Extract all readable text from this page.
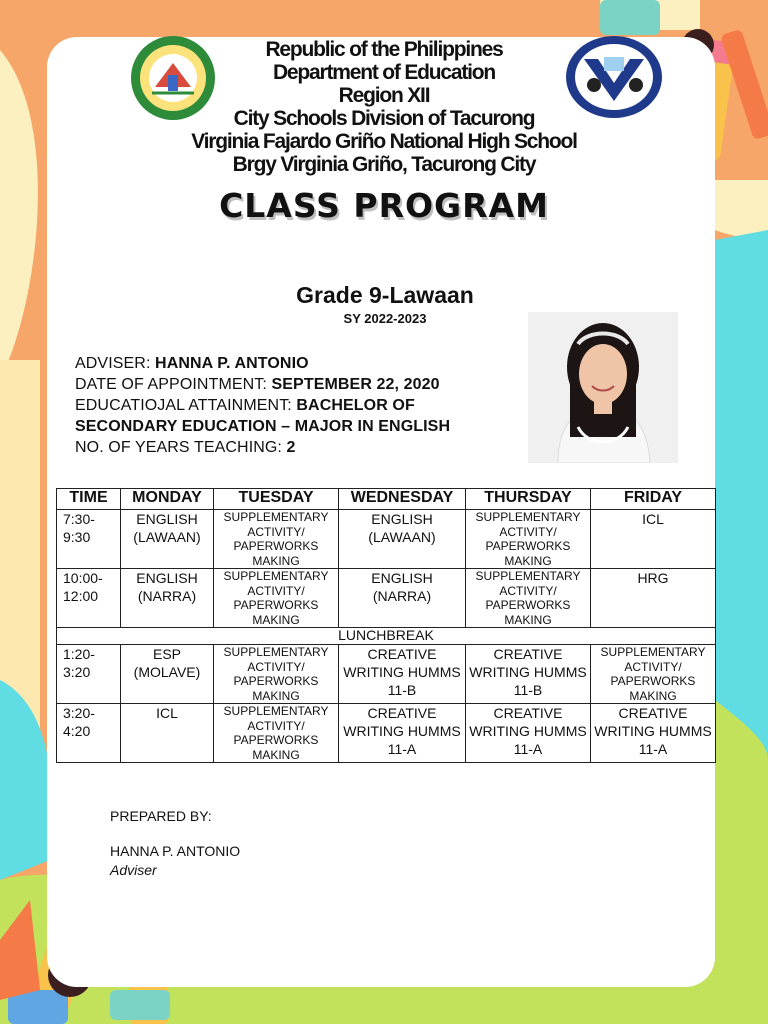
Republic of the Philippines
Department of Education
Region XII
City Schools Division of Tacurong
Virginia Fajardo Griño National High School
Brgy Virginia Griño, Tacurong City
CLASS PROGRAM
Grade 9-Lawaan
SY 2022-2023
ADVISER: HANNA P. ANTONIO
DATE OF APPOINTMENT: SEPTEMBER 22, 2020
EDUCATIOJAL ATTAINMENT: BACHELOR OF SECONDARY EDUCATION – MAJOR IN ENGLISH
NO. OF YEARS TEACHING: 2
TIME	MONDAY	TUESDAY	WEDNESDAY	THURSDAY	FRIDAY
7:30-9:30	ENGLISH (LAWAAN)	SUPPLEMENTARY ACTIVITY/ PAPERWORKS MAKING	ENGLISH (LAWAAN)	SUPPLEMENTARY ACTIVITY/ PAPERWORKS MAKING	ICL
10:00-12:00	ENGLISH (NARRA)	SUPPLEMENTARY ACTIVITY/ PAPERWORKS MAKING	ENGLISH (NARRA)	SUPPLEMENTARY ACTIVITY/ PAPERWORKS MAKING	HRG
LUNCHBREAK					
1:20-3:20	ESP (MOLAVE)	SUPPLEMENTARY ACTIVITY/ PAPERWORKS MAKING	CREATIVE WRITING HUMMS 11-B	CREATIVE WRITING HUMMS 11-B	SUPPLEMENTARY ACTIVITY/ PAPERWORKS MAKING
3:20-4:20	ICL	SUPPLEMENTARY ACTIVITY/ PAPERWORKS MAKING	CREATIVE WRITING HUMMS 11-A	CREATIVE WRITING HUMMS 11-A	CREATIVE WRITING HUMMS 11-A
PREPARED BY:
HANNA P. ANTONIO
Adviser
